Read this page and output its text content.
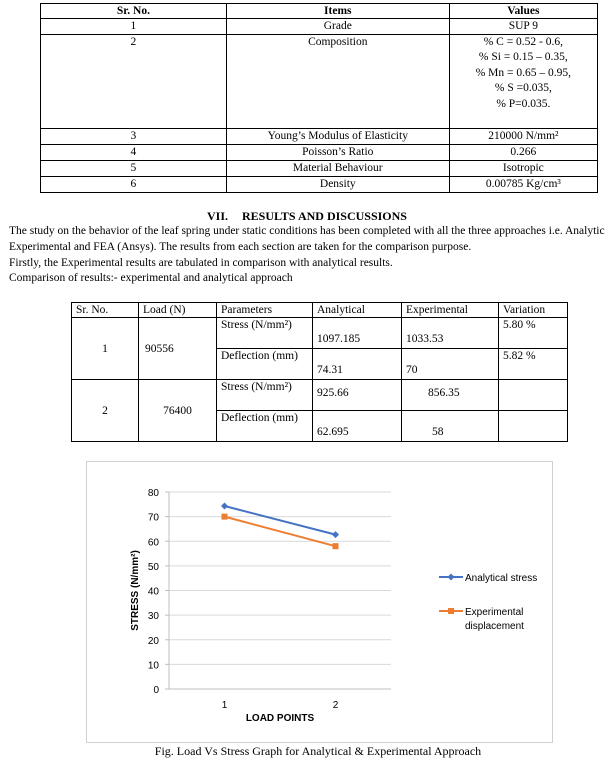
Sr. No.	Items	Values
1	Grade	SUP 9
2	Composition	% C = 0.52 - 0.6,
% Si = 0.15 – 0.35,
% Mn = 0.65 – 0.95,
% S =0.035,
% P=0.035.

3	Young’s Modulus of Elasticity	210000 N/mm²
4	Poisson’s Ratio	0.266
5	Material Behaviour	Isotropic
6	Density	0.00785 Kg/cm³
VII. RESULTS AND DISCUSSIONS
The study on the behavior of the leaf spring under static conditions has been completed with all the three approaches i.e. Analytic
Experimental and FEA (Ansys). The results from each section are taken for the comparison purpose.
Firstly, the Experimental results are tabulated in comparison with analytical results.
Comparison of results:- experimental and analytical approach
Sr. No.	Load (N)	Parameters	Analytical	Experimental	Variation
1	90556	Stress (N/mm²)	1097.185	1033.53	5.80 %
		Deflection (mm)	74.31	70	5.82 %
2	76400	Stress (N/mm²)	925.66	856.35	

		Deflection (mm)	62.695	58	

0
10
20
30
40
50
60
70
80
1	2
LOAD POINTS
STRESS (N/mm²)	Analytical stress
Experimental
displacement
Fig. Load Vs Stress Graph for Analytical & Experimental Approach
